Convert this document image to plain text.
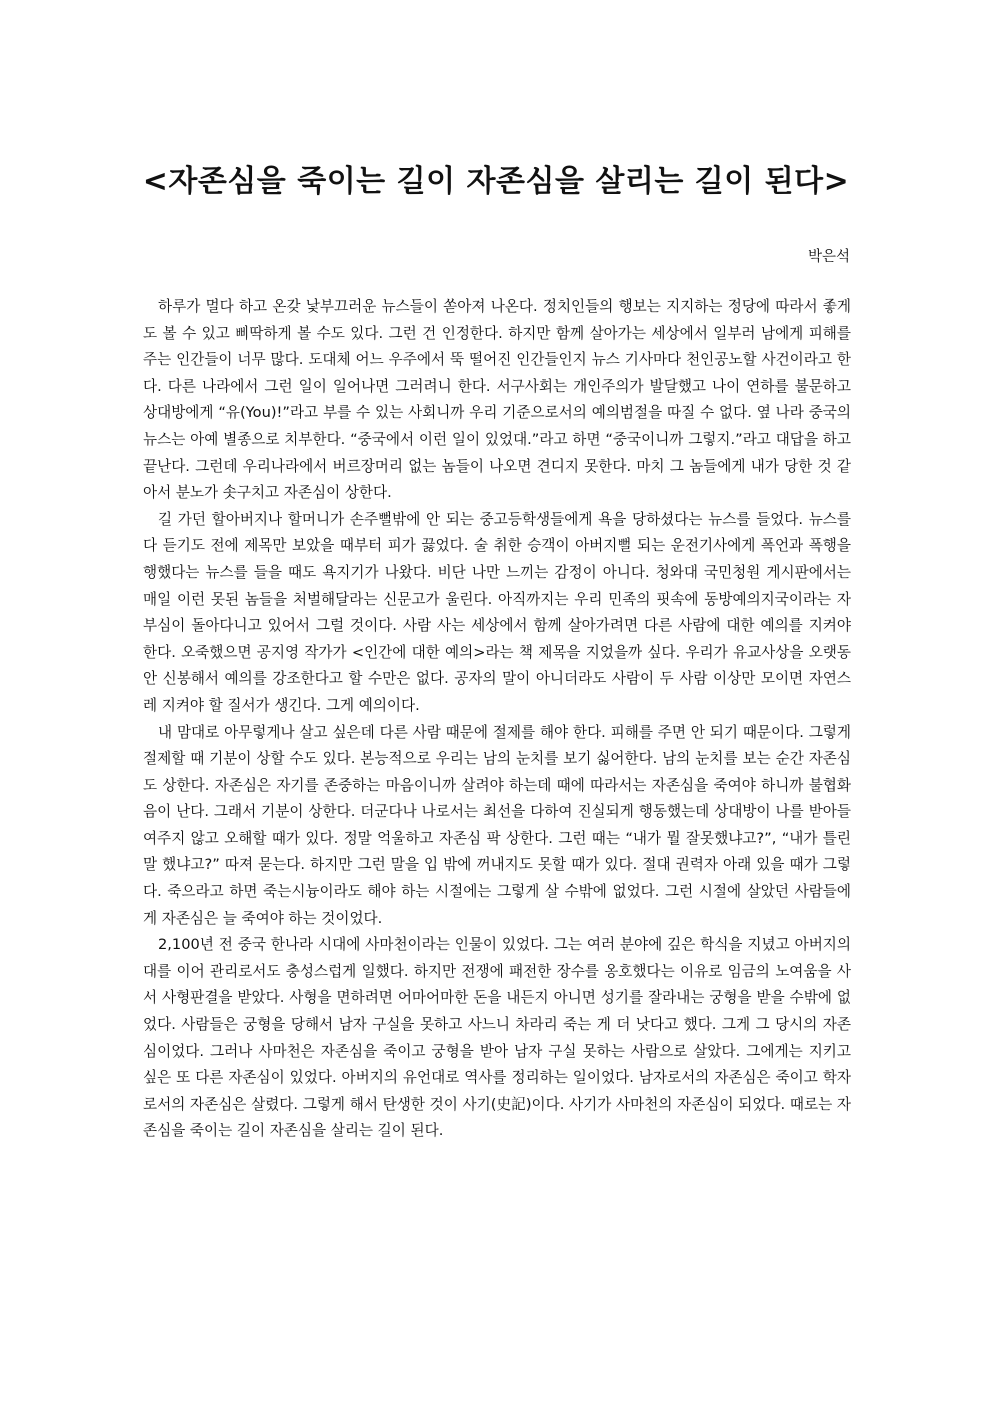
<자존심을 죽이는 길이 자존심을 살리는 길이 된다>
박은석

하루가 멀다 하고 온갖 낯부끄러운 뉴스들이 쏟아져 나온다. 정치인들의 행보는 지지하는 정당에 따라서 좋게도 볼 수 있고 삐딱하게 볼 수도 있다. 그런 건 인정한다. 하지만 함께 살아가는 세상에서 일부러 남에게 피해를 주는 인간들이 너무 많다. 도대체 어느 우주에서 뚝 떨어진 인간들인지 뉴스 기사마다 천인공노할 사건이라고 한다. 다른 나라에서 그런 일이 일어나면 그러려니 한다. 서구사회는 개인주의가 발달했고 나이 연하를 불문하고 상대방에게 “유(You)!”라고 부를 수 있는 사회니까 우리 기준으로서의 예의범절을 따질 수 없다. 옆 나라 중국의 뉴스는 아예 별종으로 치부한다. “중국에서 이런 일이 있었대.”라고 하면 “중국이니까 그렇지.”라고 대답을 하고 끝난다. 그런데 우리나라에서 버르장머리 없는 놈들이 나오면 견디지 못한다. 마치 그 놈들에게 내가 당한 것 같아서 분노가 솟구치고 자존심이 상한다.

길 가던 할아버지나 할머니가 손주뻘밖에 안 되는 중고등학생들에게 욕을 당하셨다는 뉴스를 들었다. 뉴스를 다 듣기도 전에 제목만 보았을 때부터 피가 끓었다. 술 취한 승객이 아버지뻘 되는 운전기사에게 폭언과 폭행을 행했다는 뉴스를 들을 때도 욕지기가 나왔다. 비단 나만 느끼는 감정이 아니다. 청와대 국민청원 게시판에서는 매일 이런 못된 놈들을 처벌해달라는 신문고가 울린다. 아직까지는 우리 민족의 핏속에 동방예의지국이라는 자부심이 돌아다니고 있어서 그럴 것이다. 사람 사는 세상에서 함께 살아가려면 다른 사람에 대한 예의를 지켜야 한다. 오죽했으면 공지영 작가가 <인간에 대한 예의>라는 책 제목을 지었을까 싶다. 우리가 유교사상을 오랫동안 신봉해서 예의를 강조한다고 할 수만은 없다. 공자의 말이 아니더라도 사람이 두 사람 이상만 모이면 자연스레 지켜야 할 질서가 생긴다. 그게 예의이다.

내 맘대로 아무렇게나 살고 싶은데 다른 사람 때문에 절제를 해야 한다. 피해를 주면 안 되기 때문이다. 그렇게 절제할 때 기분이 상할 수도 있다. 본능적으로 우리는 남의 눈치를 보기 싫어한다. 남의 눈치를 보는 순간 자존심도 상한다. 자존심은 자기를 존중하는 마음이니까 살려야 하는데 때에 따라서는 자존심을 죽여야 하니까 불협화음이 난다. 그래서 기분이 상한다. 더군다나 나로서는 최선을 다하여 진실되게 행동했는데 상대방이 나를 받아들여주지 않고 오해할 때가 있다. 정말 억울하고 자존심 팍 상한다. 그런 때는 “내가 뭘 잘못했냐고?”, “내가 틀린 말 했냐고?” 따져 묻는다. 하지만 그런 말을 입 밖에 꺼내지도 못할 때가 있다. 절대 권력자 아래 있을 때가 그렇다. 죽으라고 하면 죽는시늉이라도 해야 하는 시절에는 그렇게 살 수밖에 없었다. 그런 시절에 살았던 사람들에게 자존심은 늘 죽여야 하는 것이었다.

2,100년 전 중국 한나라 시대에 사마천이라는 인물이 있었다. 그는 여러 분야에 깊은 학식을 지녔고 아버지의 대를 이어 관리로서도 충성스럽게 일했다. 하지만 전쟁에 패전한 장수를 옹호했다는 이유로 임금의 노여움을 사서 사형판결을 받았다. 사형을 면하려면 어마어마한 돈을 내든지 아니면 성기를 잘라내는 궁형을 받을 수밖에 없었다. 사람들은 궁형을 당해서 남자 구실을 못하고 사느니 차라리 죽는 게 더 낫다고 했다. 그게 그 당시의 자존심이었다. 그러나 사마천은 자존심을 죽이고 궁형을 받아 남자 구실 못하는 사람으로 살았다. 그에게는 지키고 싶은 또 다른 자존심이 있었다. 아버지의 유언대로 역사를 정리하는 일이었다. 남자로서의 자존심은 죽이고 학자로서의 자존심은 살렸다. 그렇게 해서 탄생한 것이 사기(史記)이다. 사기가 사마천의 자존심이 되었다. 때로는 자존심을 죽이는 길이 자존심을 살리는 길이 된다.
